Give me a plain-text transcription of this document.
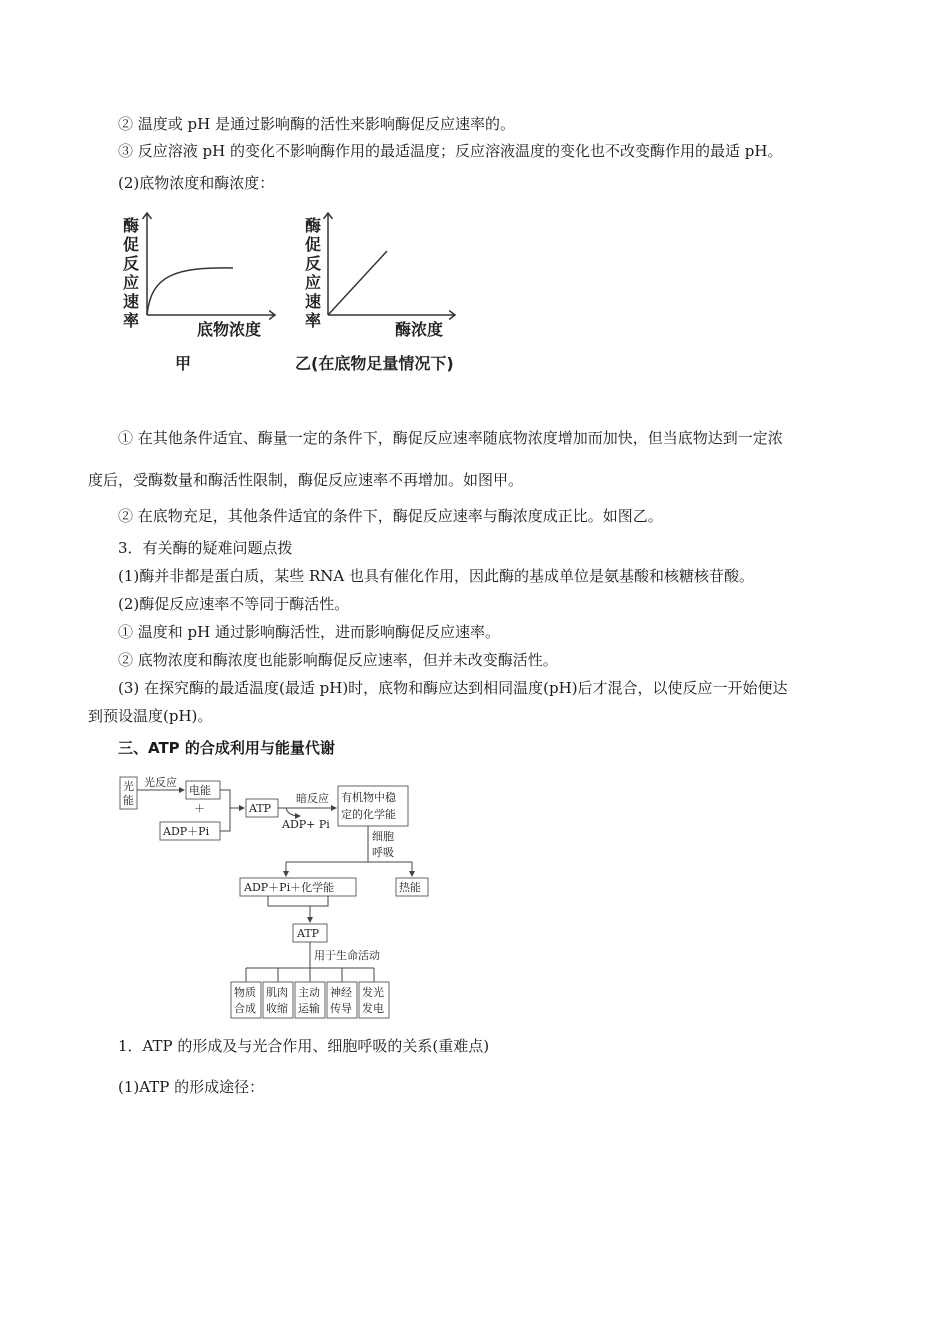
② 温度或 pH 是通过影响酶的活性来影响酶促反应速率的。
③ 反应溶液 pH 的变化不影响酶作用的最适温度；反应溶液温度的变化也不改变酶作用的最适 pH。
(2)底物浓度和酶浓度：
酶
促
反
应
速
率	底物浓度
甲
酶
促
反
应
速
率	酶浓度
乙(在底物足量情况下)
① 在其他条件适宜、酶量一定的条件下，酶促反应速率随底物浓度增加而加快，但当底物达到一定浓
度后，受酶数量和酶活性限制，酶促反应速率不再增加。如图甲。
② 在底物充足，其他条件适宜的条件下，酶促反应速率与酶浓度成正比。如图乙。
3．有关酶的疑难问题点拨
(1)酶并非都是蛋白质，某些 RNA 也具有催化作用，因此酶的基成单位是氨基酸和核糖核苷酸。
(2)酶促反应速率不等同于酶活性。
① 温度和 pH 通过影响酶活性，进而影响酶促反应速率。
② 底物浓度和酶浓度也能影响酶促反应速率，但并未改变酶活性。
(3) 在探究酶的最适温度(最适 pH)时，底物和酶应达到相同温度(pH)后才混合，以使反应一开始便达
到预设温度(pH)。
三、ATP 的合成利用与能量代谢
光
能
光反应
电能
＋
ADP＋Pi
ATP
暗反应
ADP+ Pi
有机物中稳
定的化学能
细胞
呼吸
ADP＋Pi＋化学能	热能
ATP
用于生命活动
物质
合成
肌肉
收缩
主动
运输
神经
传导
发光
发电
1．ATP 的形成及与光合作用、细胞呼吸的关系(重难点)
(1)ATP 的形成途径：
